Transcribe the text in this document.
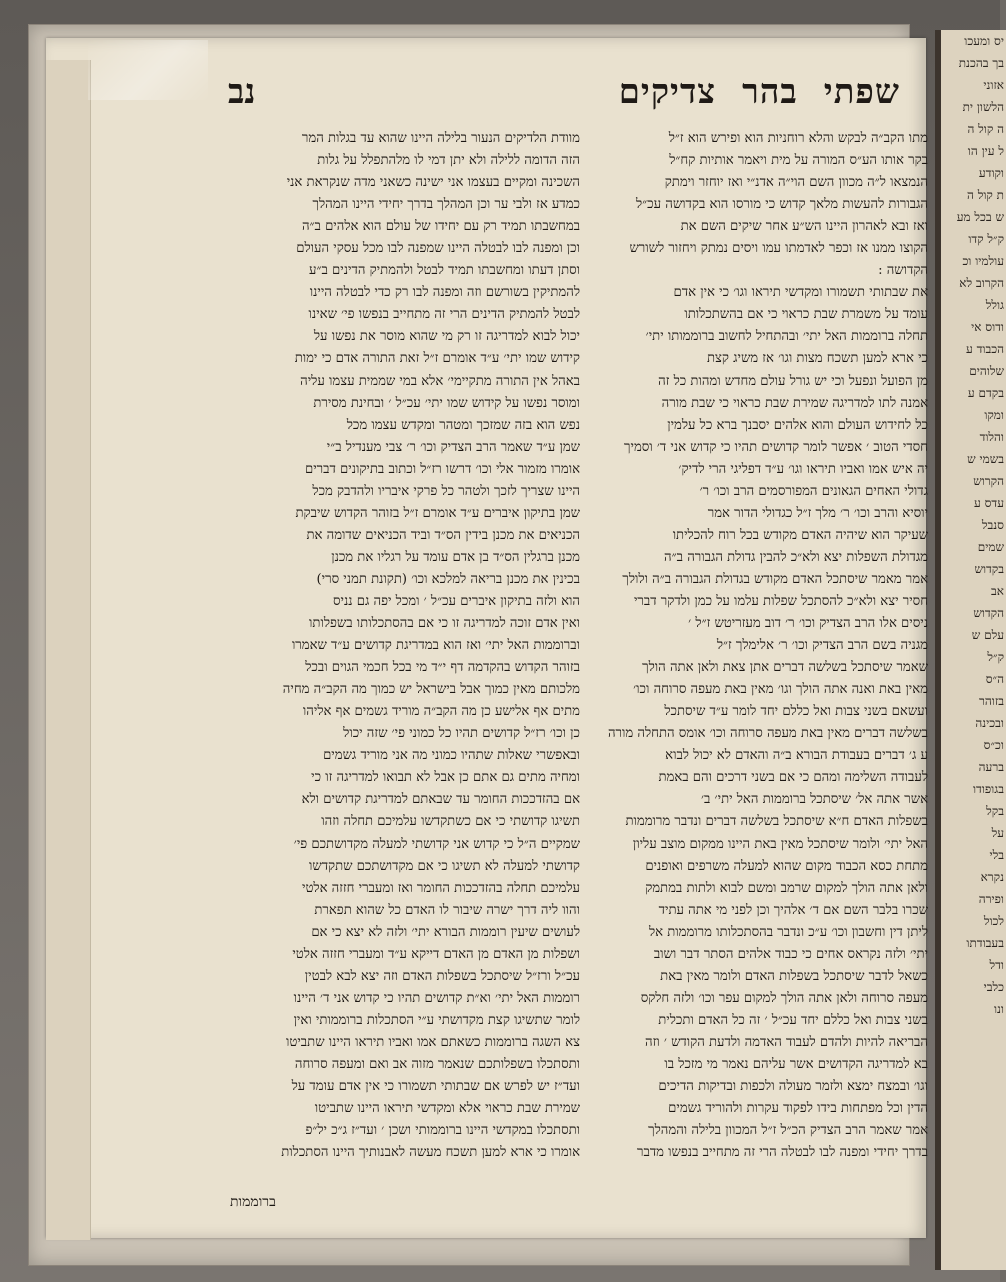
יס ומעכו
בך בהכנת
אזוני
הלשון ית
ה קול ה
ל עין הו
וקודע
ת קול ה
ש בכל מע
ק״ל קדו
עולמיו וכ
הקרוב לא
גולל
ודוס אי
הכבוד ע
שלוהים
בקדם ע
ומקו
והלוד
בשמי ש
הקרוש
עדס ע
סנבל
שמים
בקדוש
אב
הקדוש
עלם ש
ק״ל
ה״ס
בזוהר
ובכינה
וכ״ס
ברעה
בגופודו
בקל
על
בלי
נקרא
ופירה
לכול
בעבודתו
ודל
כלבי
ונו
שפתי
בהר
צדיקים
נב
מתו הקב״ה לבקש והלא רוחניות הוא ופירש הוא ז״ל
בקר אותו הע״ס המורה על מית ויאמר אותיות קח״ל
הנמצאו ל״ה מכוון השם הוי״ה אדנ״י ואז יוחזר וימתק
הגבורות להעשות מלאך קדוש כי מורסו הוא בקדושה עכ״ל
ואז ובא לאהרון היינו הש״ע אחר שיקים השם את
הקוצו ממנו אז וכפר לאדמתו עמו ויסים נמתק ויחזור לשורש
הקדושה :
את שבתותי תשמורו ומקדשי תיראו וגו׳ כי אין אדם
עומד על משמרת שבת כראוי כי אם בהשתכלותו
תחלה ברוממות האל יתי׳ ובהתחיל לחשוב ברוממותו יתי׳
כי ארא למען תשכח מצות וגו׳ אז משיג קצת
מן הפועל ונפעל וכי יש גורל עולם מחדש ומהות כל זה
אמנה לתו למדריגה שמירת שבת כראוי כי שבת מורה
כל לחידוש העולם והוא אלהים יסבנך ברא כל עלמין
חסדי הטוב ׳ אפשר לומר קדושים תהיו כי קדוש אני ד׳ וסמיך
יה איש אמו ואביו תיראו וגו׳ ע״ד דפליגי הרי לדיק׳
גדולי האחים הגאונים המפורסמים הרב וכו׳ ר׳
יוסיא והרב וכו׳ ר׳ מלך ז״ל כגדולי הדור אמר
שעיקר הוא שיהיה האדם מקודש בכל רוח להכליתו
מגדולת השפלות יצא ולא״כ להבין גדולת הגבורה ב״ה
אמר מאמר שיסתכל האדם מקודש בגדולת הגבורה ב״ה ולולך
חסיר יצא ולא״כ להסתכל שפלות עלמו על כמן ולדקר דברי
ניסים אלו הרב הצדיק וכו׳ ר׳ דוב מעזריטש ז״ל ׳
מגניה בשם הרב הצדיק וכו׳ ר׳ אלימלך ז״ל
שאמר שיסתכל בשלשה דברים אתן צאת ולאן אתה הולך
מאין באת ואנה אתה הולך וגו׳ מאין באת מעפה סרוחה וכו׳
ועשאם בשני צבות ואל כללם יחד לומר ע״ד שיסתכל
בשלשה דברים מאין באת מעפה סרוחה וכו׳ אומס התחלה מורה
ע ג׳ דברים בעבודת הבורא ב״ה והאדם לא יכול לבוא
לעבודה השלימה ומהם כי אם בשני דרכים והם באמת
אשר אתה אל׳ שיסתכל ברוממות האל יתי׳ ב׳
בשפלות האדם ח״א שיסתכל בשלשה דברים ונדבר מרוממות
האל יתי׳ ולומר שיסתכל מאין באת היינו ממקום מוצב עליון
מתחת כסא הכבוד מקום שהוא למעלה משרפים ואופנים
ולאן אתה הולך למקום שרמב ומשם לבוא ולתות במתמק
שכרו בלבר השם אם ד׳ אלהיך וכן לפני מי אתה עתיד
ליתן דין וחשבון וכו׳ ע״כ ונדבר בהסתכלותו מרוממות אל
יתי׳ ולזה נקראס אחים כי כבוד אלהים הסתר דבר ושוב
כשאל לדבר שיסתכל בשפלות האדם ולומר מאין באת
מעפה סרוחה ולאן אתה הולך למקום עפר וכו׳ ולזה חלקס
בשני צבות ואל כללם יחד עכ״ל ׳ זה כל האדם ותכלית
הבריאה להיות ולהדם לעבוד האדמה ולדעת הקודש ׳ וזה
בא למדריגה הקדושים אשר עליהם נאמר מי מזכל בו
וגו׳ ובמצח ימצא ולזמר מעולה ולכפות ובדיקות הדיכים
הדין וכל מפתחות בידו לפקוד עקרות ולהוריד גשמים
אמר שאמר הרב הצדיק הכ״ל ז״ל המכוון בלילה והמהלך
בדרך יחידי ומפנה לבו לבטלה הרי זה מתחייב בנפשו מדבר
מוודת הלדיקים הנעור בלילה היינו שהוא עד בגלות המר
הזה הדומה ללילה ולא יתן דמי לו מלהתפלל על גלות
השכינה ומקיים בעצמו אני ישינה כשאני מדה שנקראת אני
כמדע אז ולבי ער וכן המהלך בדרך יחידי היינו המהלך
במחשבתו תמיד רק עם יחידו של עולם הוא אלהים ב״ה
וכן ומפנה לבו לבטלה היינו שמפנה לבו מכל עסקי העולם
וסתן דעתו ומחשבתו תמיד לבטל ולהמתיק הדינים ב״ע
להמתיקין בשורשם וזה ומפנה לבו רק כדי לבטלה היינו
לבטל להמתיק הדינים הרי זה מתחייב בנפשו פי׳ שאינו
יכול לבוא למדריגה זו רק מי שהוא מוסר את נפשו על
קידוש שמו יתי׳ ע״ד אומרם ז״ל זאת התורה אדם כי ימות
באהל אין התורה מתקיימי׳ אלא במי שממית עצמו עליה
ומוסר נפשו על קידוש שמו יתי׳ עכ״ל ׳ ובחינת מסירת
נפש הוא בזה שמזכך ומטהר ומקדש עצמו מכל
שמן ע״ד שאמר הרב הצדיק וכו׳ ר׳ צבי מענדיל ב״י
אומרו מזמור אלי וכו׳ דרשו רז״ל וכתוב בתיקונים דברים
היינו שצריך לזכך ולטהר כל פרקי איבריו ולהדבק מכל
שמן בתיקון איברים ע״ד אומרם ז״ל בזוהר הקדוש שיבקת
הכניאים את מכנן בידין הס״ד וביד הכניאים שדומה את
מכנן ברגלין הס״ד בן אדם עומד על רגליו את מכנן
בכינין את מכנן בריאה למלכא וכו׳ (תקונת תמני סרי)
הוא ולזה בתיקון איברים עכ״ל ׳ ומכל יפה גם נניס
ואין אדם זוכה למדריגה זו כי אם בהסתכלותו בשפלותו
וברוממות האל יתי׳ ואז הוא במדריגת קדושים ע״ד שאמרו
בזוהר הקדוש בהקדמה דף י״ד מי בכל חכמי הגוים ובכל
מלכותם מאין כמוך אבל בישראל יש כמוך מה הקב״ה מחיה
מתים אף אלישע כן מה הקב״ה מוריד גשמים אף אליהו
כן וכו׳ רז״ל קדושים תהיו כל כמוני פי׳ שזה יכול
ובאפשרי שאלות שתהיו כמוני מה אני מוריד גשמים
ומחיה מתים גם אתם כן אבל לא תבואו למדריגה זו כי
אם בהזדככות החומר עד שבאתם למדריגת קדושים ולא
תשיגו קדושתי כי אם כשתקדשו עלמיכם תחלה וזהו
שמקיים ה״ל כי קדוש אני קדושתי למעלה מקדושתכם פי׳
קדושתי למעלה לא תשיגו כי אם מקדושתכם שתקדשו
עלמיכם תחלה בהזדככות החומר ואז ומעברי חזזה אלטי
והוו ליה דרך ישרה שיבור לו האדם כל שהוא תפארת
לעושים שיעין רוממות הבורא יתי׳ ולזה לא יצא כי אם
ושפלות מן האדם מן האדם דייקא ע״ד ומעברי חזזה אלטי
עכ״ל ורז״ל שיסתכל בשפלות האדם וזה יצא לבא לבטין
רוממות האל יתי׳ וא״ת קדושים תהיו כי קדוש אני ד׳ היינו
לומר שתשיגו קצת מקדושתי ע״י הסתכלות ברוממותי ואין
צא השגה ברוממות כשאתם אמו ואביו תיראו היינו שתביטו
ותסתכלו בשפלותכם שנאמר מזוה אב ואם ומעפה סרוחה
ועד״ז יש לפרש אם שבתותי תשמורו כי אין אדם עומד על
שמירת שבת כראוי אלא ומקדשי תיראו היינו שתביטו
ותסתכלו במקדשי היינו ברוממותי ושכן ׳ ועד״ז ג״כ יל״פ
אומרו כי ארא למען תשכח מעשה לאבנותיך היינו הסתכלות
ברוממות
